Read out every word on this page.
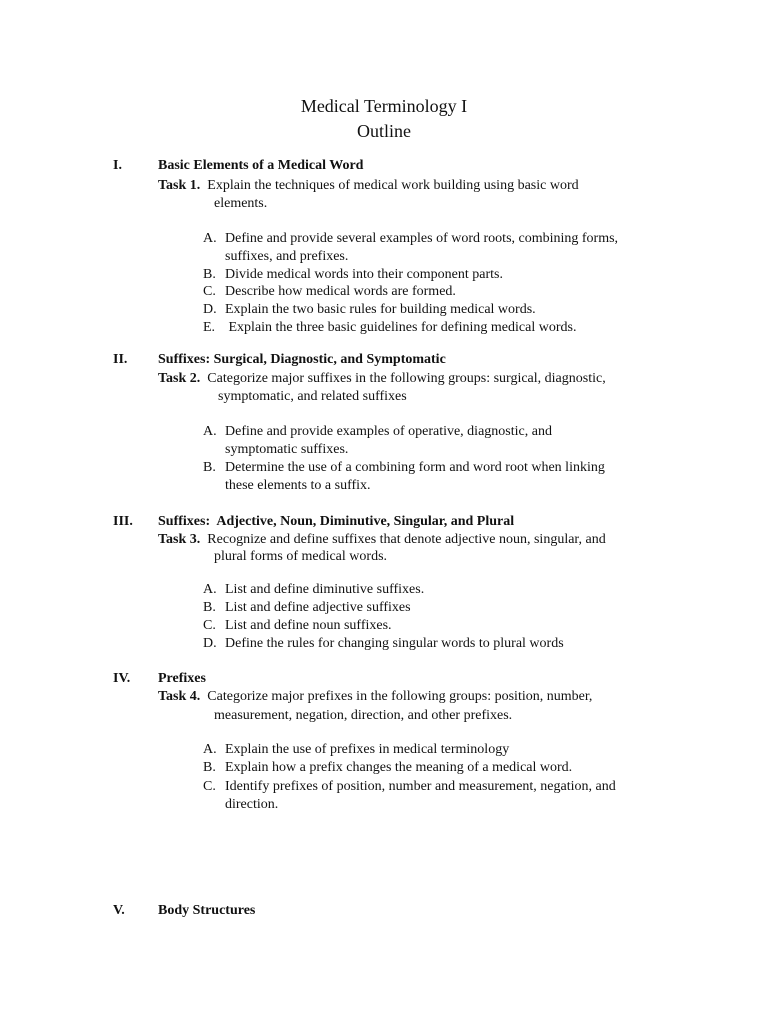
Medical Terminology I
Outline
I.	Basic Elements of a Medical Word
Task 1. Explain the techniques of medical work building using basic word
elements.
A. Define and provide several examples of word roots, combining forms,
suffixes, and prefixes.
B. Divide medical words into their component parts.
C. Describe how medical words are formed.
D. Explain the two basic rules for building medical words.
E. Explain the three basic guidelines for defining medical words.
II. Suffixes: Surgical, Diagnostic, and Symptomatic
Task 2. Categorize major suffixes in the following groups: surgical, diagnostic,
symptomatic, and related suffixes
A. Define and provide examples of operative, diagnostic, and
symptomatic suffixes.
B. Determine the use of a combining form and word root when linking
these elements to a suffix.
III. Suffixes:  Adjective, Noun, Diminutive, Singular, and Plural
Task 3. Recognize and define suffixes that denote adjective noun, singular, and
plural forms of medical words.
A. List and define diminutive suffixes.
B. List and define adjective suffixes
C. List and define noun suffixes.
D. Define the rules for changing singular words to plural words
IV. Prefixes
Task 4. Categorize major prefixes in the following groups: position, number,
measurement, negation, direction, and other prefixes.
A. Explain the use of prefixes in medical terminology
B. Explain how a prefix changes the meaning of a medical word.
C. Identify prefixes of position, number and measurement, negation, and
direction.
V. Body Structures
